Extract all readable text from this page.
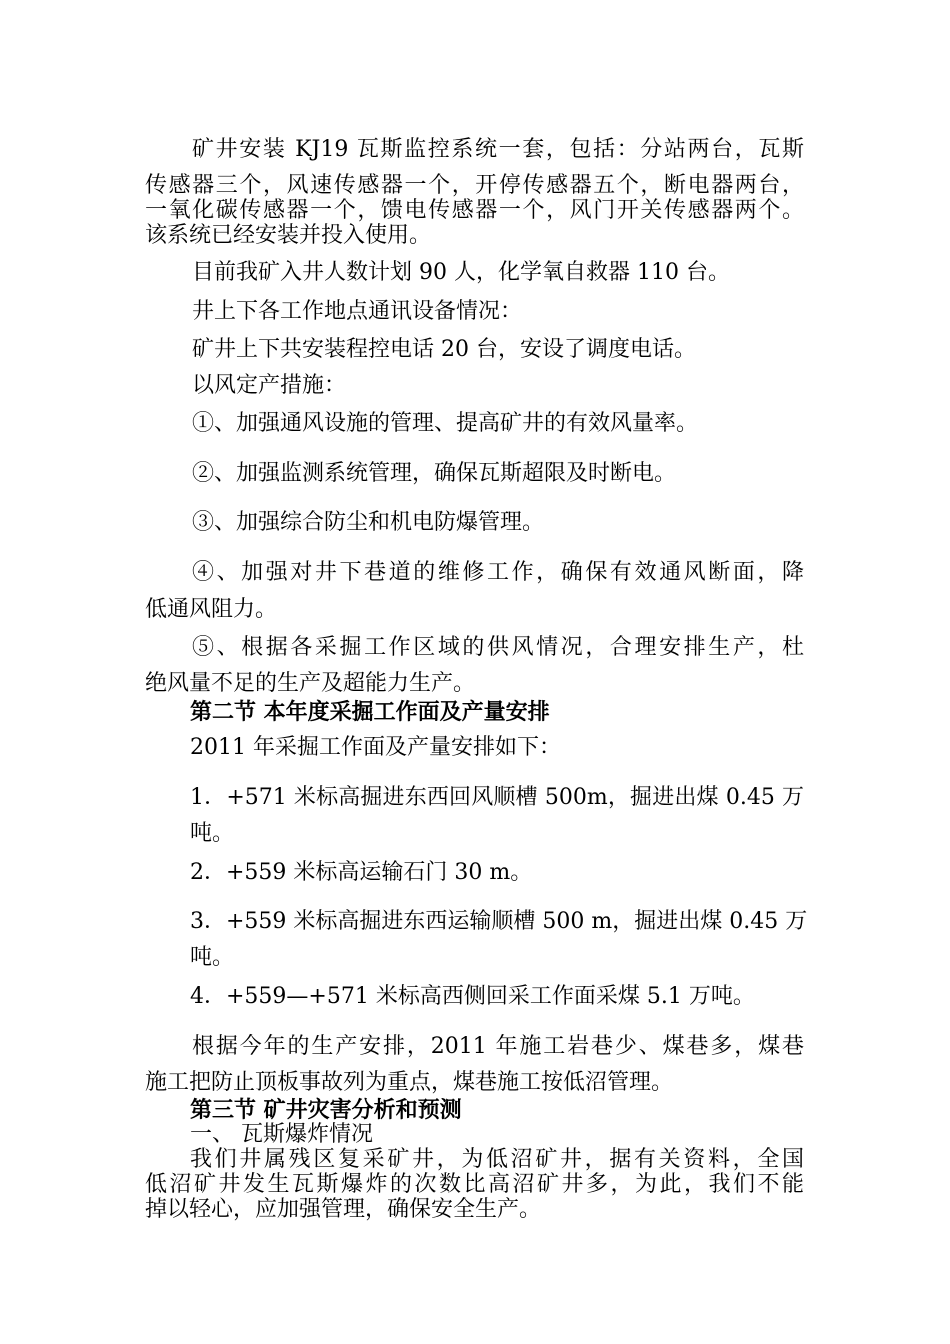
矿井安装 KJ19 瓦斯监控系统一套，包括：分站两台，瓦斯
传感器三个，风速传感器一个，开停传感器五个，断电器两台，
一氧化碳传感器一个，馈电传感器一个，风门开关传感器两个。
该系统已经安装并投入使用。
目前我矿入井人数计划 90 人，化学氧自救器 110 台。
井上下各工作地点通讯设备情况：
矿井上下共安装程控电话 20 台，安设了调度电话。
以风定产措施：
①、加强通风设施的管理、提高矿井的有效风量率。
②、加强监测系统管理，确保瓦斯超限及时断电。
③、加强综合防尘和机电防爆管理。
④、加强对井下巷道的维修工作，确保有效通风断面，降
低通风阻力。
⑤、根据各采掘工作区域的供风情况，合理安排生产，杜
绝风量不足的生产及超能力生产。
第二节 本年度采掘工作面及产量安排
2011 年采掘工作面及产量安排如下：
1．+571 米标高掘进东西回风顺槽 500m，掘进出煤 0.45 万
吨。
2．+559 米标高运输石门 30 m。
3．+559 米标高掘进东西运输顺槽 500 m，掘进出煤 0.45 万
吨。
4．+559—+571 米标高西侧回采工作面采煤 5.1 万吨。
根据今年的生产安排，2011 年施工岩巷少、煤巷多，煤巷
施工把防止顶板事故列为重点，煤巷施工按低沼管理。
第三节 矿井灾害分析和预测
一、 瓦斯爆炸情况
我们井属残区复采矿井，为低沼矿井，据有关资料，全国
低沼矿井发生瓦斯爆炸的次数比高沼矿井多，为此，我们不能
掉以轻心，应加强管理，确保安全生产。
